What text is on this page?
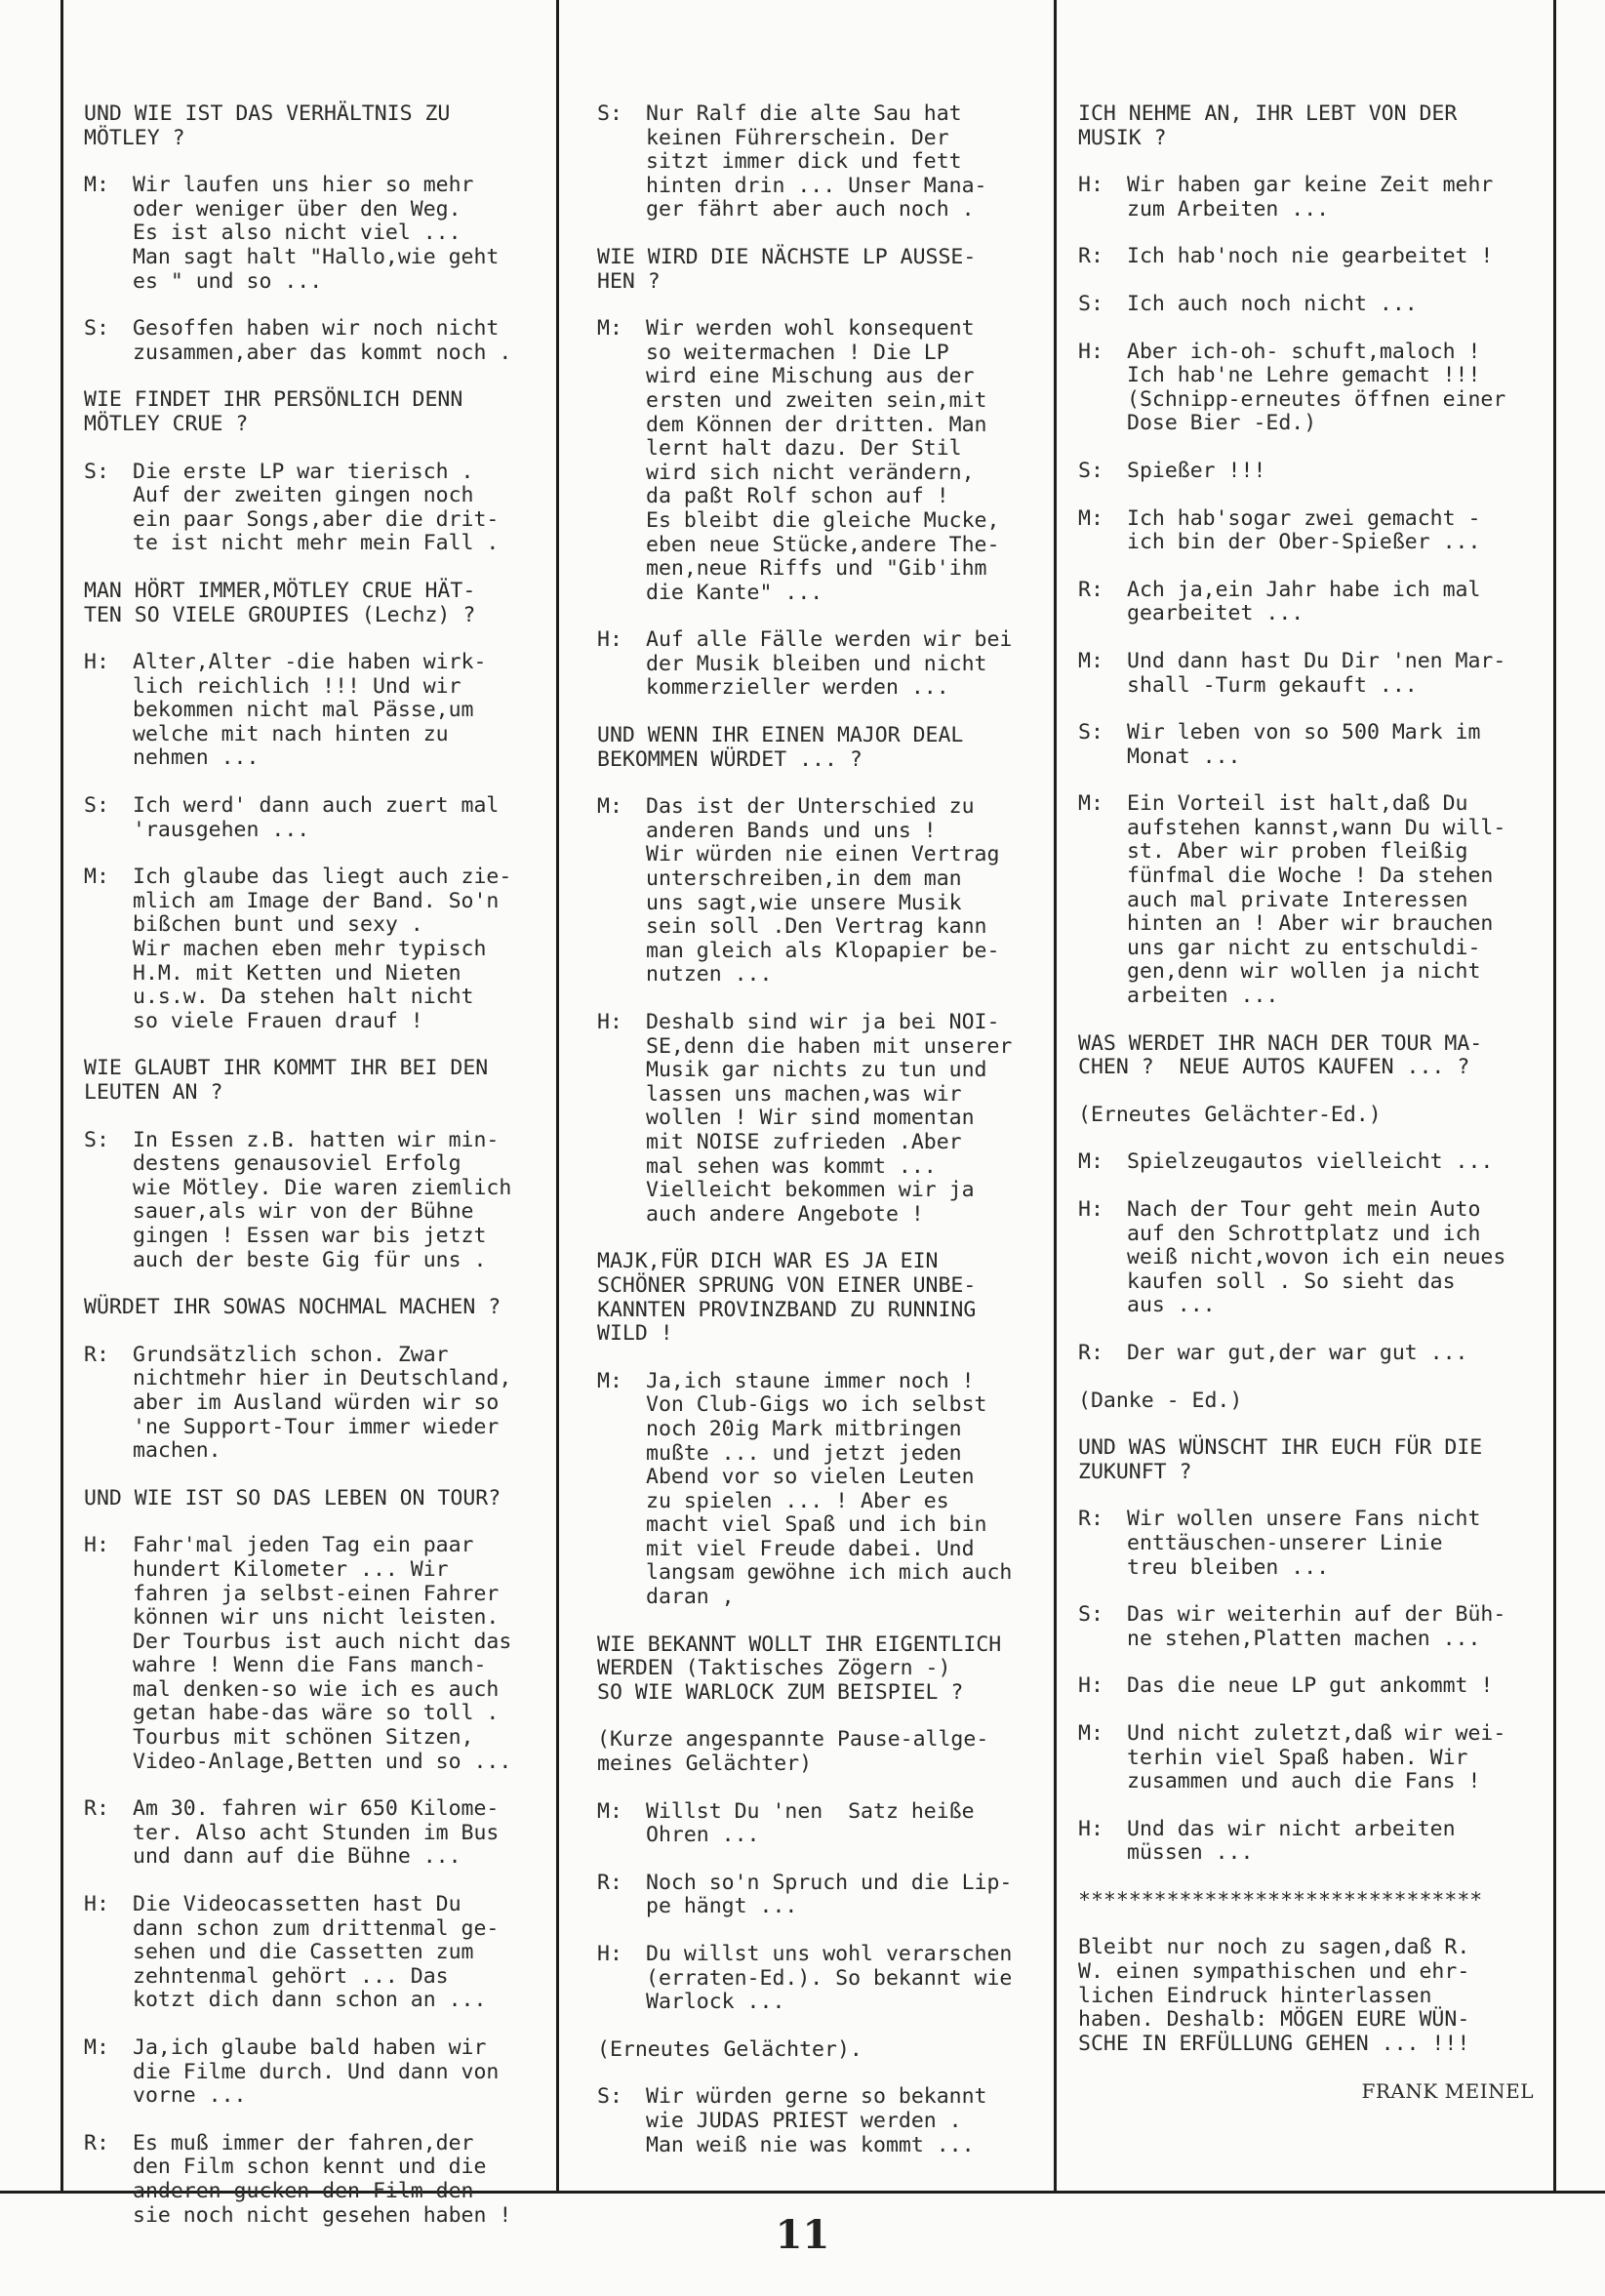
UND WIE IST DAS VERHÄLTNIS ZU
MÖTLEY ?
M:	Wir laufen uns hier so mehr
oder weniger über den Weg.
Es ist also nicht viel ...
Man sagt halt "Hallo,wie geht
es " und so ...
S:	Gesoffen haben wir noch nicht
zusammen,aber das kommt noch .
WIE FINDET IHR PERSÖNLICH DENN
MÖTLEY CRUE ?
S:	Die erste LP war tierisch .
Auf der zweiten gingen noch
ein paar Songs,aber die drit-
te ist nicht mehr mein Fall .
MAN HÖRT IMMER,MÖTLEY CRUE HÄT-
TEN SO VIELE GROUPIES (Lechz) ?
H:	Alter,Alter -die haben wirk-
lich reichlich !!! Und wir
bekommen nicht mal Pässe,um
welche mit nach hinten zu
nehmen ...
S:	Ich werd' dann auch zuert mal
'rausgehen ...
M:	Ich glaube das liegt auch zie-
mlich am Image der Band. So'n
bißchen bunt und sexy .
Wir machen eben mehr typisch
H.M. mit Ketten und Nieten
u.s.w. Da stehen halt nicht
so viele Frauen drauf !
WIE GLAUBT IHR KOMMT IHR BEI DEN
LEUTEN AN ?
S:	In Essen z.B. hatten wir min-
destens genausoviel Erfolg
wie Mötley. Die waren ziemlich
sauer,als wir von der Bühne
gingen ! Essen war bis jetzt
auch der beste Gig für uns .
WÜRDET IHR SOWAS NOCHMAL MACHEN ?
R:	Grundsätzlich schon. Zwar
nichtmehr hier in Deutschland,
aber im Ausland würden wir so
'ne Support-Tour immer wieder
machen.
UND WIE IST SO DAS LEBEN ON TOUR?
H:	Fahr'mal jeden Tag ein paar
hundert Kilometer ... Wir
fahren ja selbst-einen Fahrer
können wir uns nicht leisten.
Der Tourbus ist auch nicht das
wahre ! Wenn die Fans manch-
mal denken-so wie ich es auch
getan habe-das wäre so toll .
Tourbus mit schönen Sitzen,
Video-Anlage,Betten und so ...
R:	Am 30. fahren wir 650 Kilome-
ter. Also acht Stunden im Bus
und dann auf die Bühne ...
H:	Die Videocassetten hast Du
dann schon zum drittenmal ge-
sehen und die Cassetten zum
zehntenmal gehört ... Das
kotzt dich dann schon an ...
M:	Ja,ich glaube bald haben wir
die Filme durch. Und dann von
vorne ...
R:	Es muß immer der fahren,der
den Film schon kennt und die
anderen gucken den Film den
sie noch nicht gesehen haben !
S:	Nur Ralf die alte Sau hat
keinen Führerschein. Der
sitzt immer dick und fett
hinten drin ... Unser Mana-
ger fährt aber auch noch .
WIE WIRD DIE NÄCHSTE LP AUSSE-
HEN ?
M:	Wir werden wohl konsequent
so weitermachen ! Die LP
wird eine Mischung aus der
ersten und zweiten sein,mit
dem Können der dritten. Man
lernt halt dazu. Der Stil
wird sich nicht verändern,
da paßt Rolf schon auf !
Es bleibt die gleiche Mucke,
eben neue Stücke,andere The-
men,neue Riffs und "Gib'ihm
die Kante" ...
H:	Auf alle Fälle werden wir bei
der Musik bleiben und nicht
kommerzieller werden ...
UND WENN IHR EINEN MAJOR DEAL
BEKOMMEN WÜRDET ... ?
M:	Das ist der Unterschied zu
anderen Bands und uns !
Wir würden nie einen Vertrag
unterschreiben,in dem man
uns sagt,wie unsere Musik
sein soll .Den Vertrag kann
man gleich als Klopapier be-
nutzen ...
H:	Deshalb sind wir ja bei NOI-
SE,denn die haben mit unserer
Musik gar nichts zu tun und
lassen uns machen,was wir
wollen ! Wir sind momentan
mit NOISE zufrieden .Aber
mal sehen was kommt ...
Vielleicht bekommen wir ja
auch andere Angebote !
MAJK,FÜR DICH WAR ES JA EIN
SCHÖNER SPRUNG VON EINER UNBE-
KANNTEN PROVINZBAND ZU RUNNING
WILD !
M:	Ja,ich staune immer noch !
Von Club-Gigs wo ich selbst
noch 20ig Mark mitbringen
mußte ... und jetzt jeden
Abend vor so vielen Leuten
zu spielen ... ! Aber es
macht viel Spaß und ich bin
mit viel Freude dabei. Und
langsam gewöhne ich mich auch
daran ,
WIE BEKANNT WOLLT IHR EIGENTLICH
WERDEN (Taktisches Zögern -)
SO WIE WARLOCK ZUM BEISPIEL ?
(Kurze angespannte Pause-allge-
meines Gelächter)
M:	Willst Du 'nen  Satz heiße
Ohren ...
R:	Noch so'n Spruch und die Lip-
pe hängt ...
H:	Du willst uns wohl verarschen
(erraten-Ed.). So bekannt wie
Warlock ...
(Erneutes Gelächter).
S:	Wir würden gerne so bekannt
wie JUDAS PRIEST werden .
Man weiß nie was kommt ...
ICH NEHME AN, IHR LEBT VON DER
MUSIK ?
H:	Wir haben gar keine Zeit mehr
zum Arbeiten ...
R:	Ich hab'noch nie gearbeitet !
S:	Ich auch noch nicht ...
H:	Aber ich-oh- schuft,maloch !
Ich hab'ne Lehre gemacht !!!
(Schnipp-erneutes öffnen einer
Dose Bier -Ed.)
S:	Spießer !!!
M:	Ich hab'sogar zwei gemacht -
ich bin der Ober-Spießer ...
R:	Ach ja,ein Jahr habe ich mal
gearbeitet ...
M:	Und dann hast Du Dir 'nen Mar-
shall -Turm gekauft ...
S:	Wir leben von so 500 Mark im
Monat ...
M:	Ein Vorteil ist halt,daß Du
aufstehen kannst,wann Du will-
st. Aber wir proben fleißig
fünfmal die Woche ! Da stehen
auch mal private Interessen
hinten an ! Aber wir brauchen
uns gar nicht zu entschuldi-
gen,denn wir wollen ja nicht
arbeiten ...
WAS WERDET IHR NACH DER TOUR MA-
CHEN ?  NEUE AUTOS KAUFEN ... ?
(Erneutes Gelächter-Ed.)
M:	Spielzeugautos vielleicht ...
H:	Nach der Tour geht mein Auto
auf den Schrottplatz und ich
weiß nicht,wovon ich ein neues
kaufen soll . So sieht das
aus ...
R:	Der war gut,der war gut ...
(Danke - Ed.)
UND WAS WÜNSCHT IHR EUCH FÜR DIE
ZUKUNFT ?
R:	Wir wollen unsere Fans nicht
enttäuschen-unserer Linie
treu bleiben ...
S:	Das wir weiterhin auf der Büh-
ne stehen,Platten machen ...
H:	Das die neue LP gut ankommt !
M:	Und nicht zuletzt,daß wir wei-
terhin viel Spaß haben. Wir
zusammen und auch die Fans !
H:	Und das wir nicht arbeiten
müssen ...
********************************
Bleibt nur noch zu sagen,daß R.
W. einen sympathischen und ehr-
lichen Eindruck hinterlassen
haben. Deshalb: MÖGEN EURE WÜN-
SCHE IN ERFÜLLUNG GEHEN ... !!!
FRANK MEINEL
11
